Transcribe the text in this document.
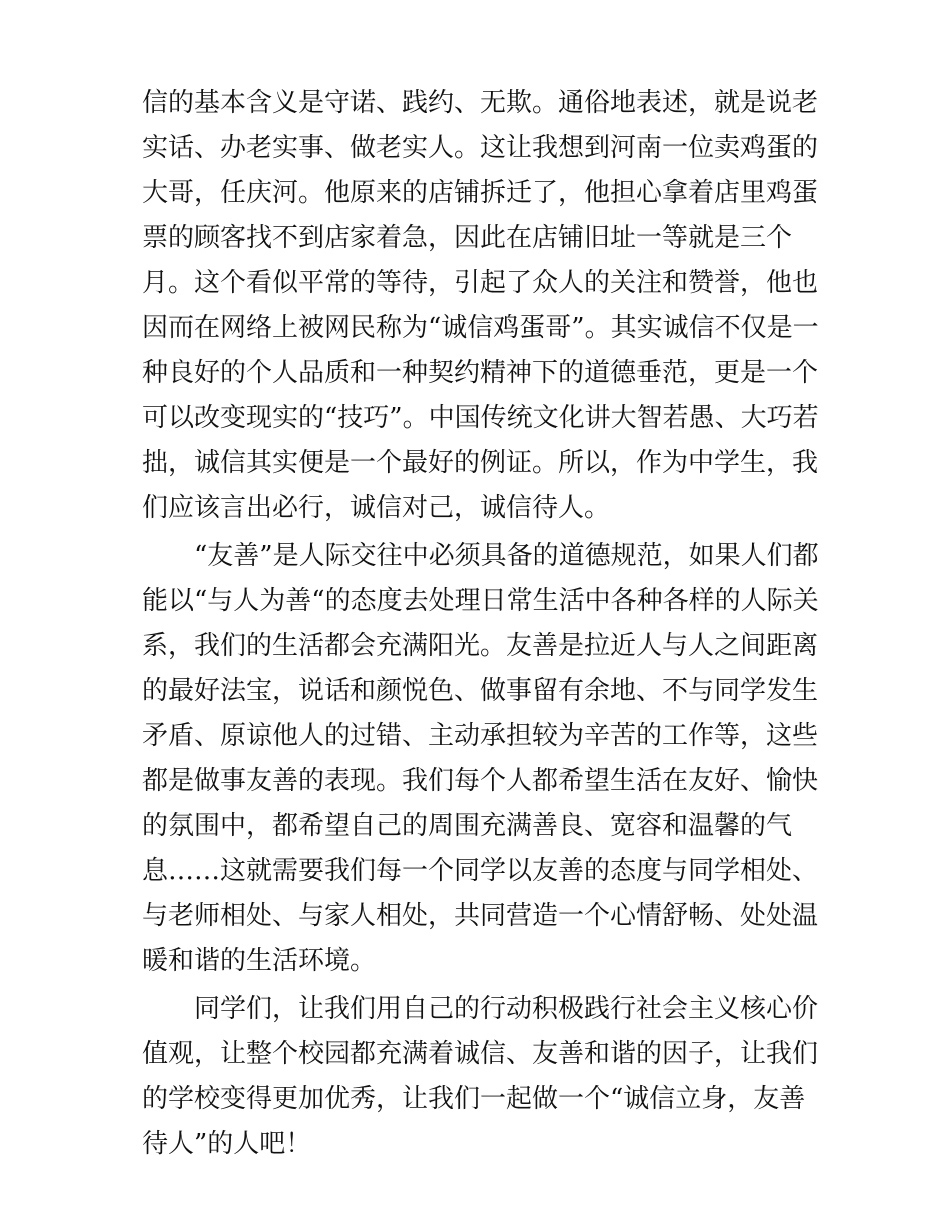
信的基本含义是守诺、践约、无欺。通俗地表述，就是说老实话、办老实事、做老实人。这让我想到河南一位卖鸡蛋的大哥，任庆河。他原来的店铺拆迁了，他担心拿着店里鸡蛋票的顾客找不到店家着急，因此在店铺旧址一等就是三个月。这个看似平常的等待，引起了众人的关注和赞誉，他也因而在网络上被网民称为“诚信鸡蛋哥”。其实诚信不仅是一种良好的个人品质和一种契约精神下的道德垂范，更是一个可以改变现实的“技巧”。中国传统文化讲大智若愚、大巧若拙，诚信其实便是一个最好的例证。所以，作为中学生，我们应该言出必行，诚信对己，诚信待人。

“友善”是人际交往中必须具备的道德规范，如果人们都能以“与人为善“的态度去处理日常生活中各种各样的人际关系，我们的生活都会充满阳光。友善是拉近人与人之间距离的最好法宝，说话和颜悦色、做事留有余地、不与同学发生矛盾、原谅他人的过错、主动承担较为辛苦的工作等，这些都是做事友善的表现。我们每个人都希望生活在友好、愉快的氛围中，都希望自己的周围充满善良、宽容和温馨的气息……这就需要我们每一个同学以友善的态度与同学相处、与老师相处、与家人相处，共同营造一个心情舒畅、处处温暖和谐的生活环境。

同学们，让我们用自己的行动积极践行社会主义核心价值观，让整个校园都充满着诚信、友善和谐的因子，让我们的学校变得更加优秀，让我们一起做一个“诚信立身，友善待人”的人吧！
